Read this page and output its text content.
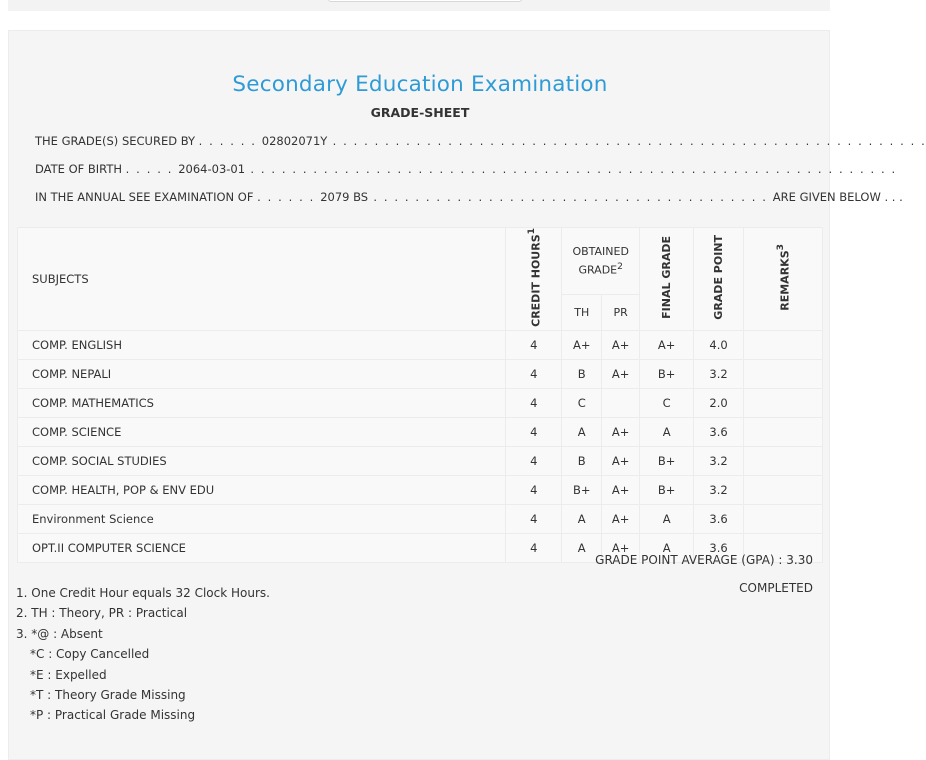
Secondary Education Examination
GRADE-SHEET
THE GRADE(S) SECURED BY . . . . . . 02802071Y . . . . . . . . . . . . . . . . . . . . . . . . . . . . . . . . . . . . . . . . . . . . . . . . . . . . . . . . .
DATE OF BIRTH . . . . . 2064-03-01 . . . . . . . . . . . . . . . . . . . . . . . . . . . . . . . . . . . . . . . . . . . . . . . . . . . . . . . . . . . . . .
IN THE ANNUAL SEE EXAMINATION OF . . . . . . 2079 BS . . . . . . . . . . . . . . . . . . . . . . . . . . . . . . . . . . . . . . ARE GIVEN BELOW . . .
SUBJECTS	CREDIT HOURS$^1$	OBTAINED GRADE$^2$		FINAL GRADE	GRADE POINT	REMARKS$^3$
		TH	PR			
COMP. ENGLISH	4	A+	A+	A+	4.0	
COMP. NEPALI	4	B	A+	B+	3.2	
COMP. MATHEMATICS	4	C		C	2.0	
COMP. SCIENCE	4	A	A+	A	3.6	
COMP. SOCIAL STUDIES	4	B	A+	B+	3.2	
COMP. HEALTH, POP & ENV EDU	4	B+	A+	B+	3.2	
Environment Science	4	A	A+	A	3.6	
OPT.II COMPUTER SCIENCE	4	A	A+	A	3.6	
GRADE POINT AVERAGE (GPA) : 3.30
COMPLETED
1. One Credit Hour equals 32 Clock Hours.
2. TH : Theory, PR : Practical
3. *@ : Absent
*C : Copy Cancelled
*E : Expelled
*T : Theory Grade Missing
*P : Practical Grade Missing
